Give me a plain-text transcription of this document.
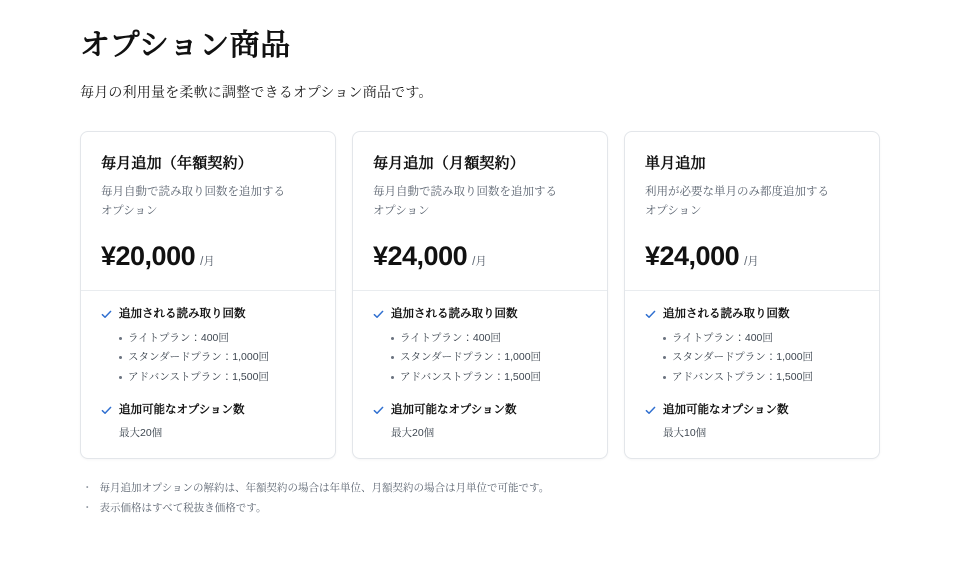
オプション商品

毎月の利用量を柔軟に調整できるオプション商品です。

毎月追加（年額契約）
毎月自動で読み取り回数を追加する
オプション
¥20,000 /月
追加される読み取り回数
ライトプラン：400回
スタンダードプラン：1,000回
アドバンストプラン：1,500回
追加可能なオプション数
最大20個
毎月追加（月額契約）
毎月自動で読み取り回数を追加する
オプション
¥24,000 /月
追加される読み取り回数
ライトプラン：400回
スタンダードプラン：1,000回
アドバンストプラン：1,500回
追加可能なオプション数
最大20個
単月追加
利用が必要な単月のみ都度追加する
オプション
¥24,000 /月
追加される読み取り回数
ライトプラン：400回
スタンダードプラン：1,000回
アドバンストプラン：1,500回
追加可能なオプション数
最大10個
・ 毎月追加オプションの解約は、年額契約の場合は年単位、月額契約の場合は月単位で可能です。
・ 表示価格はすべて税抜き価格です。
